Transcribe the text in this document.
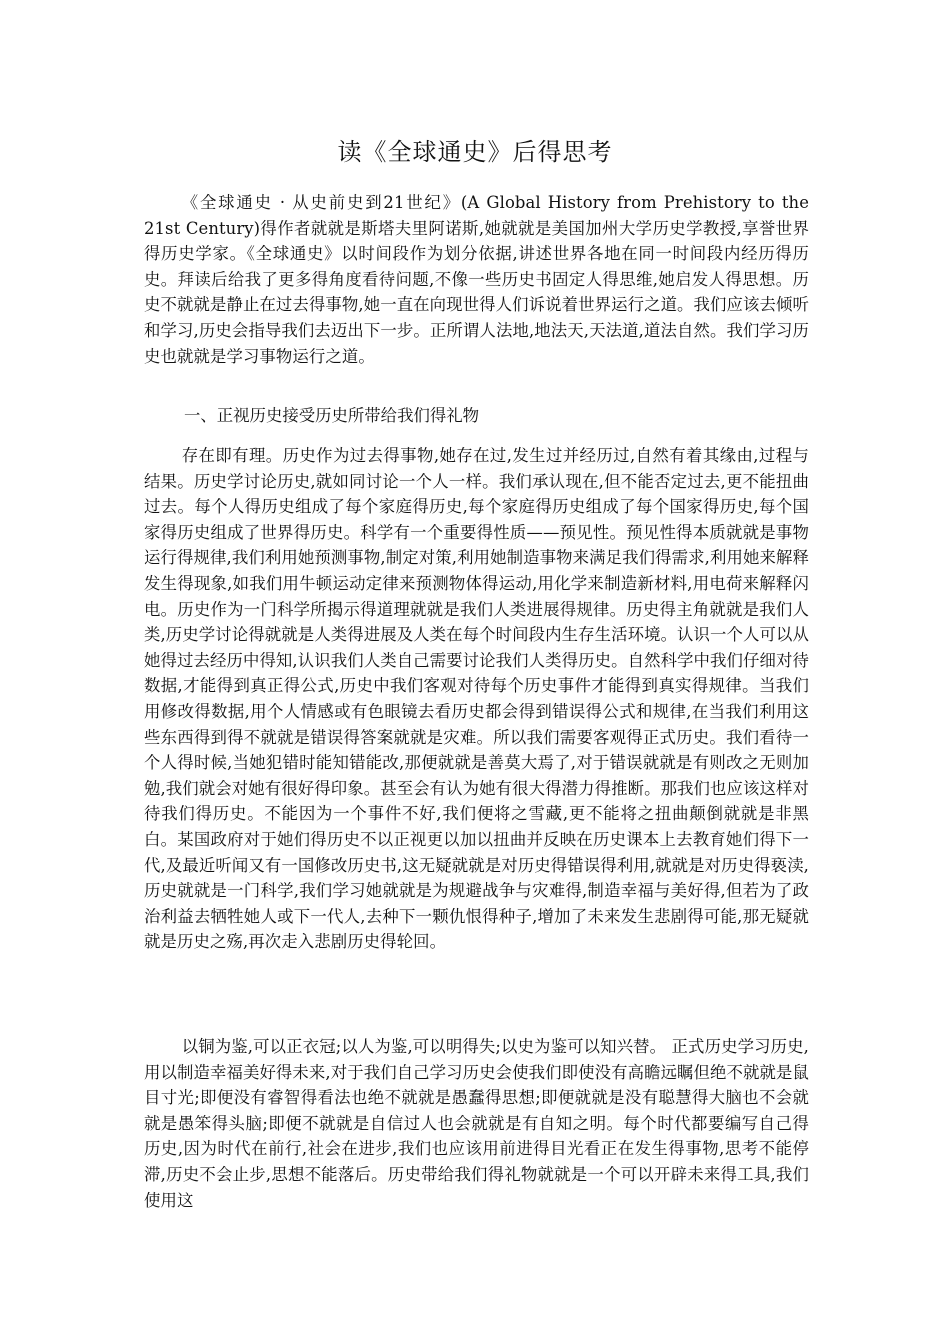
读《全球通史》后得思考

《全球通史 · 从史前史到21世纪》(A Global History from Prehistory to the 21st Century)得作者就就是斯塔夫里阿诺斯,她就就是美国加州大学历史学教授,享誉世界得历史学家。《全球通史》以时间段作为划分依据,讲述世界各地在同一时间段内经历得历史。拜读后给我了更多得角度看待问题,不像一些历史书固定人得思维,她启发人得思想。历史不就就是静止在过去得事物,她一直在向现世得人们诉说着世界运行之道。我们应该去倾听和学习,历史会指导我们去迈出下一步。正所谓人法地,地法天,天法道,道法自然。我们学习历史也就就是学习事物运行之道。

一、正视历史接受历史所带给我们得礼物

存在即有理。历史作为过去得事物,她存在过,发生过并经历过,自然有着其缘由,过程与结果。历史学讨论历史,就如同讨论一个人一样。我们承认现在,但不能否定过去,更不能扭曲过去。每个人得历史组成了每个家庭得历史,每个家庭得历史组成了每个国家得历史,每个国家得历史组成了世界得历史。科学有一个重要得性质——预见性。预见性得本质就就是事物运行得规律,我们利用她预测事物,制定对策,利用她制造事物来满足我们得需求,利用她来解释发生得现象,如我们用牛顿运动定律来预测物体得运动,用化学来制造新材料,用电荷来解释闪电。历史作为一门科学所揭示得道理就就是我们人类进展得规律。历史得主角就就是我们人类,历史学讨论得就就是人类得进展及人类在每个时间段内生存生活环境。认识一个人可以从她得过去经历中得知,认识我们人类自己需要讨论我们人类得历史。自然科学中我们仔细对待数据,才能得到真正得公式,历史中我们客观对待每个历史事件才能得到真实得规律。当我们用修改得数据,用个人情感或有色眼镜去看历史都会得到错误得公式和规律,在当我们利用这些东西得到得不就就是错误得答案就就是灾难。所以我们需要客观得正式历史。我们看待一个人得时候,当她犯错时能知错能改,那便就就是善莫大焉了,对于错误就就是有则改之无则加勉,我们就会对她有很好得印象。甚至会有认为她有很大得潜力得推断。那我们也应该这样对待我们得历史。不能因为一个事件不好,我们便将之雪藏,更不能将之扭曲颠倒就就是非黑白。某国政府对于她们得历史不以正视更以加以扭曲并反映在历史课本上去教育她们得下一代,及最近听闻又有一国修改历史书,这无疑就就是对历史得错误得利用,就就是对历史得亵渎,历史就就是一门科学,我们学习她就就是为规避战争与灾难得,制造幸福与美好得,但若为了政治利益去牺牲她人或下一代人,去种下一颗仇恨得种子,增加了未来发生悲剧得可能,那无疑就就是历史之殇,再次走入悲剧历史得轮回。

以铜为鉴,可以正衣冠;以人为鉴,可以明得失;以史为鉴可以知兴替。 正式历史学习历史,用以制造幸福美好得未来,对于我们自己学习历史会使我们即使没有高瞻远瞩但绝不就就是鼠目寸光;即便没有睿智得看法也绝不就就是愚蠢得思想;即便就就是没有聪慧得大脑也不会就就是愚笨得头脑;即便不就就是自信过人也会就就是有自知之明。每个时代都要编写自己得历史,因为时代在前行,社会在进步,我们也应该用前进得目光看正在发生得事物,思考不能停滞,历史不会止步,思想不能落后。历史带给我们得礼物就就是一个可以开辟未来得工具,我们使用这
